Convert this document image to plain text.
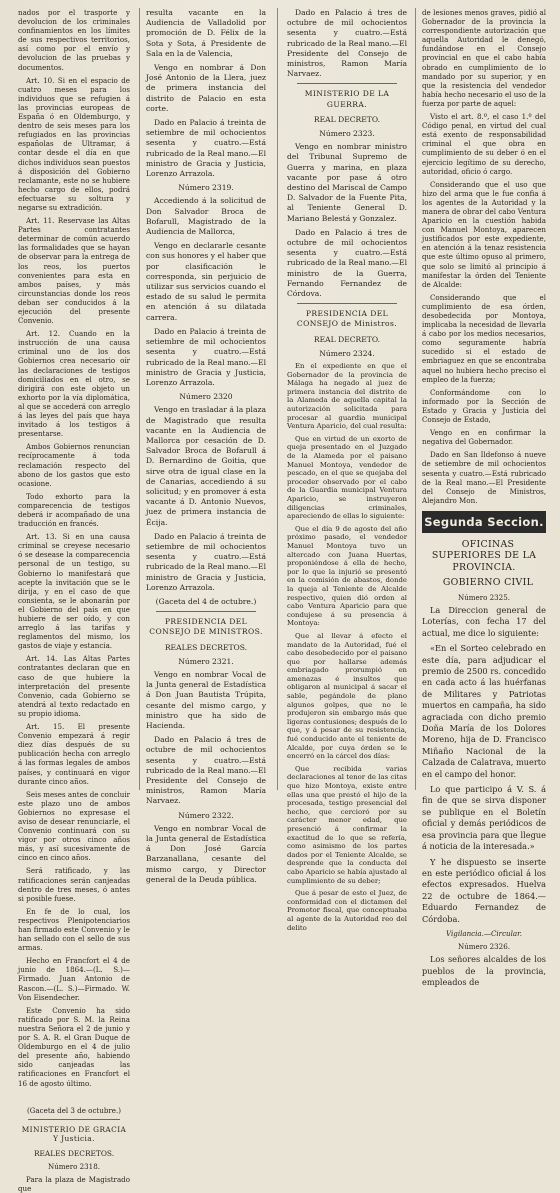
nados por el trasporte y devolucion de los criminales confinamientos en los límites de sus respectivos territorios, así como por el envío y devolucion de las pruebas y documentos.

Art. 10. Si en el espacio de cuatro meses para los individuos que se refugien á las provincias europeas de España ó en Oldemburgo, y dentro de seis meses para los refugiados en las provincias españolas de Ultramar, á contar desde el día en que dichos individuos sean puestos á disposición del Gobierno reclamante, este no se hubiere hecho cargo de ellos, podrá efectuarse su soltura y negarse su extradición.

Art. 11. Reservase las Altas Partes contratantes determinar de común acuerdo las formalidades que se hayan de observar para la entrega de los reos, los puertos convenientes para esta en ambos países, y más circunstancias donde los reos deban ser conducidos á la ejecución del presente Convenio.

Art. 12. Cuando en la instrucción de una causa criminal uno de los dos Gobiernos crea necesario oír las declaraciones de testigos domiciliados en el otro, se dirigirá con este objeto un exhorto por la vía diplomática, al que se accederá con arreglo á las leyes del país que haya invitado á los testigos á presentarse.

Ambos Gobiernos renuncian recíprocamente á toda reclamación respecto del abono de los gastos que esto ocasione.

Todo exhorto para la comparecencia de testigos deberá ir acompañado de una traducción en francés.

Art. 13. Si en una causa criminal se creyese necesario ó se desease la comparecencia personal de un testigo, su Gobierno lo manifestará que acepte la invitación que se le dirija, y en el caso de que consienta, se le abonarán por el Gobierno del país en que hubiere de ser oído, y con arreglo á las tarifas y reglamentos del mismo, los gastos de viaje y estancia.

Art. 14. Las Altas Partes contratantes declaran que en caso de que hubiere la interpretación del presente Convenio, cada Gobierno se atendrá al texto redactado en su propio idioma.

Art. 15. El presente Convenio empezará á regir diez días después de su publicación hecha con arreglo á las formas legales de ambos países, y continuará en vigor durante cinco años.

Seis meses antes de concluir este plazo uno de ambos Gobiernos no expresase el aviso de desear renunciarle, el Convenio continuará con su vigor por otros cinco años más, y así sucesivamente de cinco en cinco años.

Será ratificado, y las ratificaciones serán canjeadas dentro de tres meses, ó antes si posible fuese.

En fe de lo cual, los respectivos Plenipotenciarios han firmado este Convenio y le han sellado con el sello de sus armas.

Hecho en Francfort el 4 de junio de 1864.—(L. S.)—Firmado. Juan Antonio de Rascon.—(L. S.)—Firmado. W. Von Eisendecher.

Este Convenio ha sido ratificado por S. M. la Reina nuestra Señora el 2 de junio y por S. A. R. el Gran Duque de Oldemburgo en el 4 de julio del presente año, habiendo sido canjeadas las ratificaciones en Francfort el 16 de agosto último.

(Gaceta del 3 de octubre.)

MINISTERIO DE GRACIA Y Justicia.

REALES DECRETOS.

Número 2318.

Para la plaza de Magistrado que

resulta vacante en la Audiencia de Valladolid por promoción de D. Félix de la Sota y Sota, á Presidente de Sala en la de Valencia,

Vengo en nombrar á Don José Antonio de la Llera, juez de primera instancia del distrito de Palacio en esta corte.

Dado en Palacio á treinta de setiembre de mil ochocientos sesenta y cuatro.—Está rubricado de la Real mano.—El ministro de Gracia y Justicia, Lorenzo Arrazola.

Número 2319.

Accediendo á la solicitud de Don Salvador Broca de Bofarull, Magistrado de la Audiencia de Mallorca,

Vengo en declararle cesante con sus honores y el haber que por clasificación le corresponda, sin perjuicio de utilizar sus servicios cuando el estado de su salud le permita en atención á su dilatada carrera.

Dado en Palacio á treinta de setiembre de mil ochocientos sesenta y cuatro.—Está rubricado de la Real mano.—El ministro de Gracia y Justicia, Lorenzo Arrazola.

Número 2320

Vengo en trasladar á la plaza de Magistrado que resulta vacante en la Audiencia de Mallorca por cesación de D. Salvador Broca de Bofarull á D. Bernardino de Goitia, que sirve otra de igual clase en la de Canarias, accediendo á su solicitud; y en promover á esta vacante á D. Antonio Nuevos, juez de primera instancia de Écija.

Dado en Palacio á treinta de setiembre de mil ochocientos sesenta y cuatro.—Está rubricado de la Real mano.—El ministro de Gracia y Justicia, Lorenzo Arrazola.

(Gaceta del 4 de octubre.)

PRESIDENCIA DEL CONSEJO DE MINISTROS.

REALES DECRETOS.

Número 2321.

Vengo en nombrar Vocal de la Junta general de Estadística á Don Juan Bautista Trúpita, cesante del mismo cargo, y ministro que ha sido de Hacienda.

Dado en Palacio á tres de octubre de mil ochocientos sesenta y cuatro.—Está rubricado de la Real mano.—El Presidente del Consejo de ministros, Ramon María Narvaez.

Número 2322.

Vengo en nombrar Vocal de la Junta general de Estadística á Don José García Barzanallana, cesante del mismo cargo, y Director general de la Deuda pública.

Dado en Palacio á tres de octubre de mil ochocientos sesenta y cuatro.—Está rubricado de la Real mano.—El Presidente del Consejo de ministros, Ramon María Narvaez.

MINISTERIO DE LA GUERRA.

REAL DECRETO.

Número 2323.

Vengo en nombrar ministro del Tribunal Supremo de Guerra y marina, en plaza vacante por pase á otro destino del Mariscal de Campo D. Salvador de la Fuente Pita, al Teniente General D. Mariano Belestá y Gonzalez.

Dado en Palacio á tres de octubre de mil ochocientos sesenta y cuatro.—Está rubricado de la Real mano.—El ministro de la Guerra, Fernando Fernandez de Córdova.

PRESIDENCIA DEL CONSEJO de Ministros.

REAL DECRETO.

Número 2324.

En el expediente en que el Gobernador de la provincia de Málaga ha negado al juez de primera instancia del distrito de la Alameda de aquella capital la autorización solicitada para procesar al guardia municipal Ventura Aparicio, del cual resulta:

Que en virtud de un exorto de queja presentado en el Juzgado de la Alameda por el paisano Manuel Montoya, vendedor de pescado, en el que se quejaba del proceder observado por el cabo de la Guardia municipal Ventura Aparicio, se instruyeron diligencias criminales, apareciendo de ellas lo siguiente:

Que el día 9 de agosto del año próximo pasado, el vendedor Manuel Montoya tuvo un altercado con Juana Huertas, proponiéndose á ella de hecho, por lo que la injurió se presentó en la comisión de abastos, donde la queja al Teniente de Alcalde respectivo, quien dió orden al cabo Ventura Aparicio para que condujese á su presencia á Montoya:

Que al llevar á efecto el mandato de la Autoridad, fué el cabo desobedecido por el paisano que por hallarse además embriagado prorumpió en amenazas é insultos que obligaron al municipal á sacar el sable, pegándole de plano algunos golpes, que no le produjeron sin embargo más que ligeras contusiones; después de lo que, y á pesar de su resistencia, fué conducido ante el teniente de Alcalde, por cuya órden se le encerró en la cárcel dos días:

Que recibida varias declaraciones al tenor de las citas que hizo Montoya, existe entre ellas una que prestó el hijo de la procesada, testigo presencial del hecho, que cercioró por su carácter menor edad, que presenció á confirmar la exactitud de lo que se refería, como asimismo de los partes dados por el Teniente Alcalde, se desprende que la conducta del cabo Aparicio se había ajustado al cumplimiento de su deber;

Que á pesar de esto el Juez, de conformidad con el dictamen del Promotor fiscal, que conceptuaba al agente de la Autoridad reo del delito

de lesiones menos graves, pidió al Gobernador de la provincia la correspondiente autorización que aquella Autoridad le denegó, fundándose en el Consejo provincial en que el cabo había obrado en cumplimiento de lo mandado por su superior, y en que la resistencia del vendedor había hecho necesario el uso de la fuerza por parte de aquel:

Visto el art. 8.º, el caso 1.º del Código penal, en virtud del cual está exento de responsabilidad criminal el que obra en cumplimiento de su deber ó en el ejercicio legítimo de su derecho, autoridad, oficio ó cargo.

Considerando que el uso que hizo del arma que le fue confia á los agentes de la Autoridad y la manera de obrar del cabo Ventura Aparicio en la cuestión habida con Manuel Montoya, aparecen justificados por este expediente, en atención á la tenaz resistencia que este último opuso al primero, que solo se limitó al principio á manifestar la órden del Teniente de Alcalde:

Considerando que el cumplimiento de esa órden, desobedecida por Montoya, implicaba la necesidad de llevarla á cabo por los medios necesarios, como seguramente habría sucedido si el estado de embriaguez en que se encontraba aquel no hubiera hecho preciso el empleo de la fuerza;

Conformándome con lo informado por la Sección de Estado y Gracia y Justicia del Consejo de Estado,

Vengo en en confirmar la negativa del Gobernador.

Dado en San Ildefonso á nueve de setiembre de mil ochocientos sesenta y cuatro.—Está rubricado de la Real mano.—El Presidente del Consejo de Ministros, Alejandro Mon.

Segunda Seccion.

OFICINAS SUPERIORES DE LA PROVINCIA.

GOBIERNO CIVIL

Número 2325.

La Direccion general de Loterías, con fecha 17 del actual, me dice lo siguiente:

«En el Sorteo celebrado en este día, para adjudicar el premio de 2500 rs. concedido en cada acto á las huérfanas de Militares y Patriotas muertos en campaña, ha sido agraciada con dicho premio Doña María de los Dolores Moreno, hija de D. Francisco Miñaño Nacional de la Calzada de Calatrava, muerto en el campo del honor.

Lo que participo á V. S. á fin de que se sirva disponer se publique en el Boletín oficial y demás periódicos de esa provincia para que llegue á noticia de la interesada.»

Y he dispuesto se inserte en este periódico oficial á los efectos expresados. Huelva 22 de octubre de 1864.—Eduardo Fernandez de Córdoba.

Vigilancia.—Circular.

Número 2326.

Los señores alcaldes de los pueblos de la provincia, empleados de
